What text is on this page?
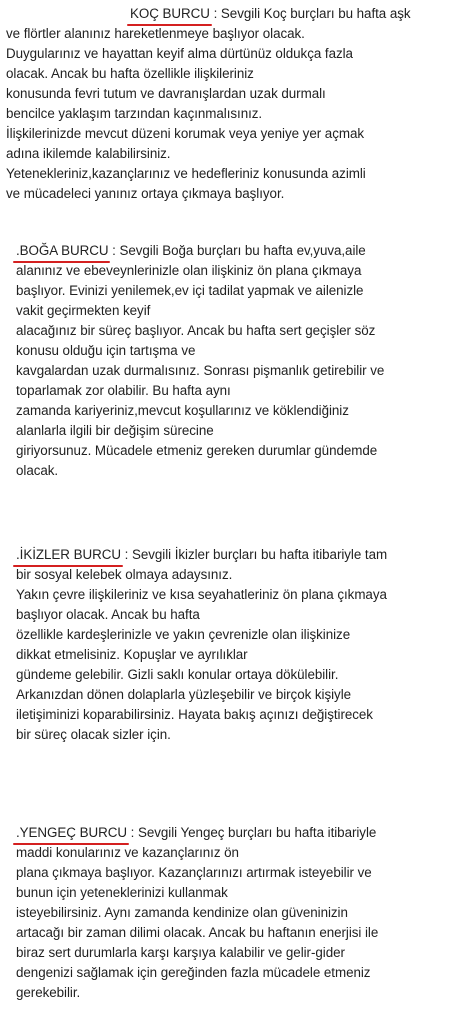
KOÇ BURCU : Sevgili Koç burçları bu hafta aşk
ve flörtler alanınız hareketlenmeye başlıyor olacak.
Duygularınız ve hayattan keyif alma dürtünüz oldukça fazla
olacak. Ancak bu hafta özellikle ilişkileriniz
konusunda fevri tutum ve davranışlardan uzak durmalı
bencilce yaklaşım tarzından kaçınmalısınız.
İlişkilerinizde mevcut düzeni korumak veya yeniye yer açmak
adına ikilemde kalabilirsiniz.
Yetenekleriniz,kazançlarınız ve hedefleriniz konusunda azimli
ve mücadeleci yanınız ortaya çıkmaya başlıyor.
.BOĞA BURCU : Sevgili Boğa burçları bu hafta ev,yuva,aile
alanınız ve ebeveynlerinizle olan ilişkiniz ön plana çıkmaya
başlıyor. Evinizi yenilemek,ev içi tadilat yapmak ve ailenizle
vakit geçirmekten keyif
alacağınız bir süreç başlıyor. Ancak bu hafta sert geçişler söz
konusu olduğu için tartışma ve
kavgalardan uzak durmalısınız. Sonrası pişmanlık getirebilir ve
toparlamak zor olabilir. Bu hafta aynı
zamanda kariyeriniz,mevcut koşullarınız ve köklendiğiniz
alanlarla ilgili bir değişim sürecine
giriyorsunuz. Mücadele etmeniz gereken durumlar gündemde
olacak.
.İKİZLER BURCU : Sevgili İkizler burçları bu hafta itibariyle tam
bir sosyal kelebek olmaya adaysınız.
Yakın çevre ilişkileriniz ve kısa seyahatleriniz ön plana çıkmaya
başlıyor olacak. Ancak bu hafta
özellikle kardeşlerinizle ve yakın çevrenizle olan ilişkinize
dikkat etmelisiniz. Kopuşlar ve ayrılıklar
gündeme gelebilir. Gizli saklı konular ortaya dökülebilir.
Arkanızdan dönen dolaplarla yüzleşebilir ve birçok kişiyle
iletişiminizi koparabilirsiniz. Hayata bakış açınızı değiştirecek
bir süreç olacak sizler için.
.YENGEÇ BURCU : Sevgili Yengeç burçları bu hafta itibariyle
maddi konularınız ve kazançlarınız ön
plana çıkmaya başlıyor. Kazançlarınızı artırmak isteyebilir ve
bunun için yeteneklerinizi kullanmak
isteyebilirsiniz. Aynı zamanda kendinize olan güveninizin
artacağı bir zaman dilimi olacak. Ancak bu haftanın enerjisi ile
biraz sert durumlarla karşı karşıya kalabilir ve gelir-gider
dengenizi sağlamak için gereğinden fazla mücadele etmeniz
gerekebilir.
